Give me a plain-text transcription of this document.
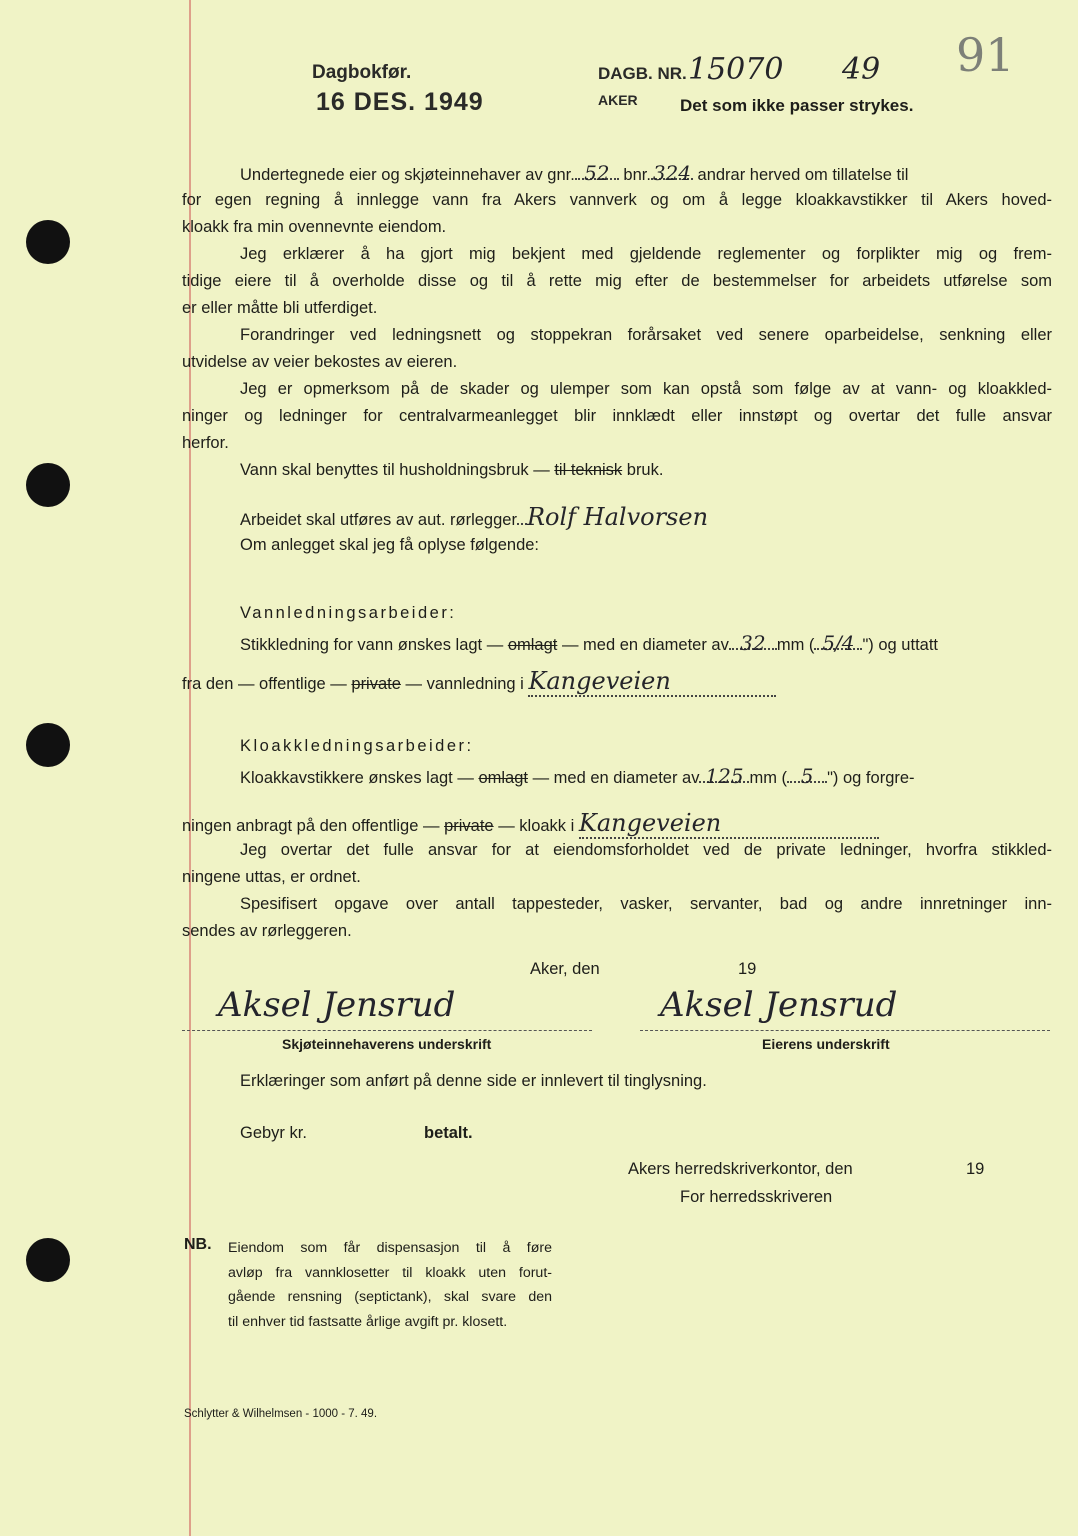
Dagbokfør.
16 DES. 1949
DAGB. NR. 15070 49
AKER Det som ikke passer strykes.
91
Undertegnede eier og skjøteinnehaver av gnr. 52 bnr.324 andrar herved om tillatelse til
for egen regning å innlegge vann fra Akers vannverk og om å legge kloakkavstikker til Akers hoved-
kloakk fra min ovennevnte eiendom.
Jeg erklærer å ha gjort mig bekjent med gjeldende reglementer og forplikter mig og frem-
tidige eiere til å overholde disse og til å rette mig efter de bestemmelser for arbeidets utførelse som
er eller måtte bli utferdiget.
Forandringer ved ledningsnett og stoppekran forårsaket ved senere oparbeidelse, senkning eller
utvidelse av veier bekostes av eieren.
Jeg er opmerksom på de skader og ulemper som kan opstå som følge av at vann- og kloakkled-
ninger og ledninger for centralvarmeanlegget blir innklædt eller innstøpt og overtar det fulle ansvar
herfor.
Vann skal benyttes til husholdningsbruk — til teknisk bruk.
Arbeidet skal utføres av aut. rørlegger Rolf Halvorsen
Om anlegget skal jeg få oplyse følgende:
Vannledningsarbeider:
Stikkledning for vann ønskes lagt — omlagt — med en diameter av 32 mm ( 5/4 ") og uttatt
fra den — offentlige — private — vannledning i Kangeveien
Kloakkledningsarbeider:
Kloakkavstikkere ønskes lagt — omlagt — med en diameter av 125 mm ( 5 ") og forgre-
ningen anbragt på den offentlige — private — kloakk i Kangeveien
Jeg overtar det fulle ansvar for at eiendomsforholdet ved de private ledninger, hvorfra stikkled-
ningene uttas, er ordnet.
Spesifisert opgave over antall tappesteder, vasker, servanter, bad og andre innretninger inn-
sendes av rørleggeren.
Aker, den	19
Aksel Jensrud	Aksel Jensrud
Skjøteinnehaverens underskrift	Eierens underskrift
Erklæringer som anført på denne side er innlevert til tinglysning.
Gebyr kr.	betalt.
Akers herredskriverkontor, den	19
For herredsskriveren
NB. Eiendom som får dispensasjon til å føre
avløp fra vannklosetter til kloakk uten forut-
gående rensning (septictank), skal svare den
til enhver tid fastsatte årlige avgift pr. klosett.
Schlytter & Wilhelmsen - 1000 - 7. 49.
